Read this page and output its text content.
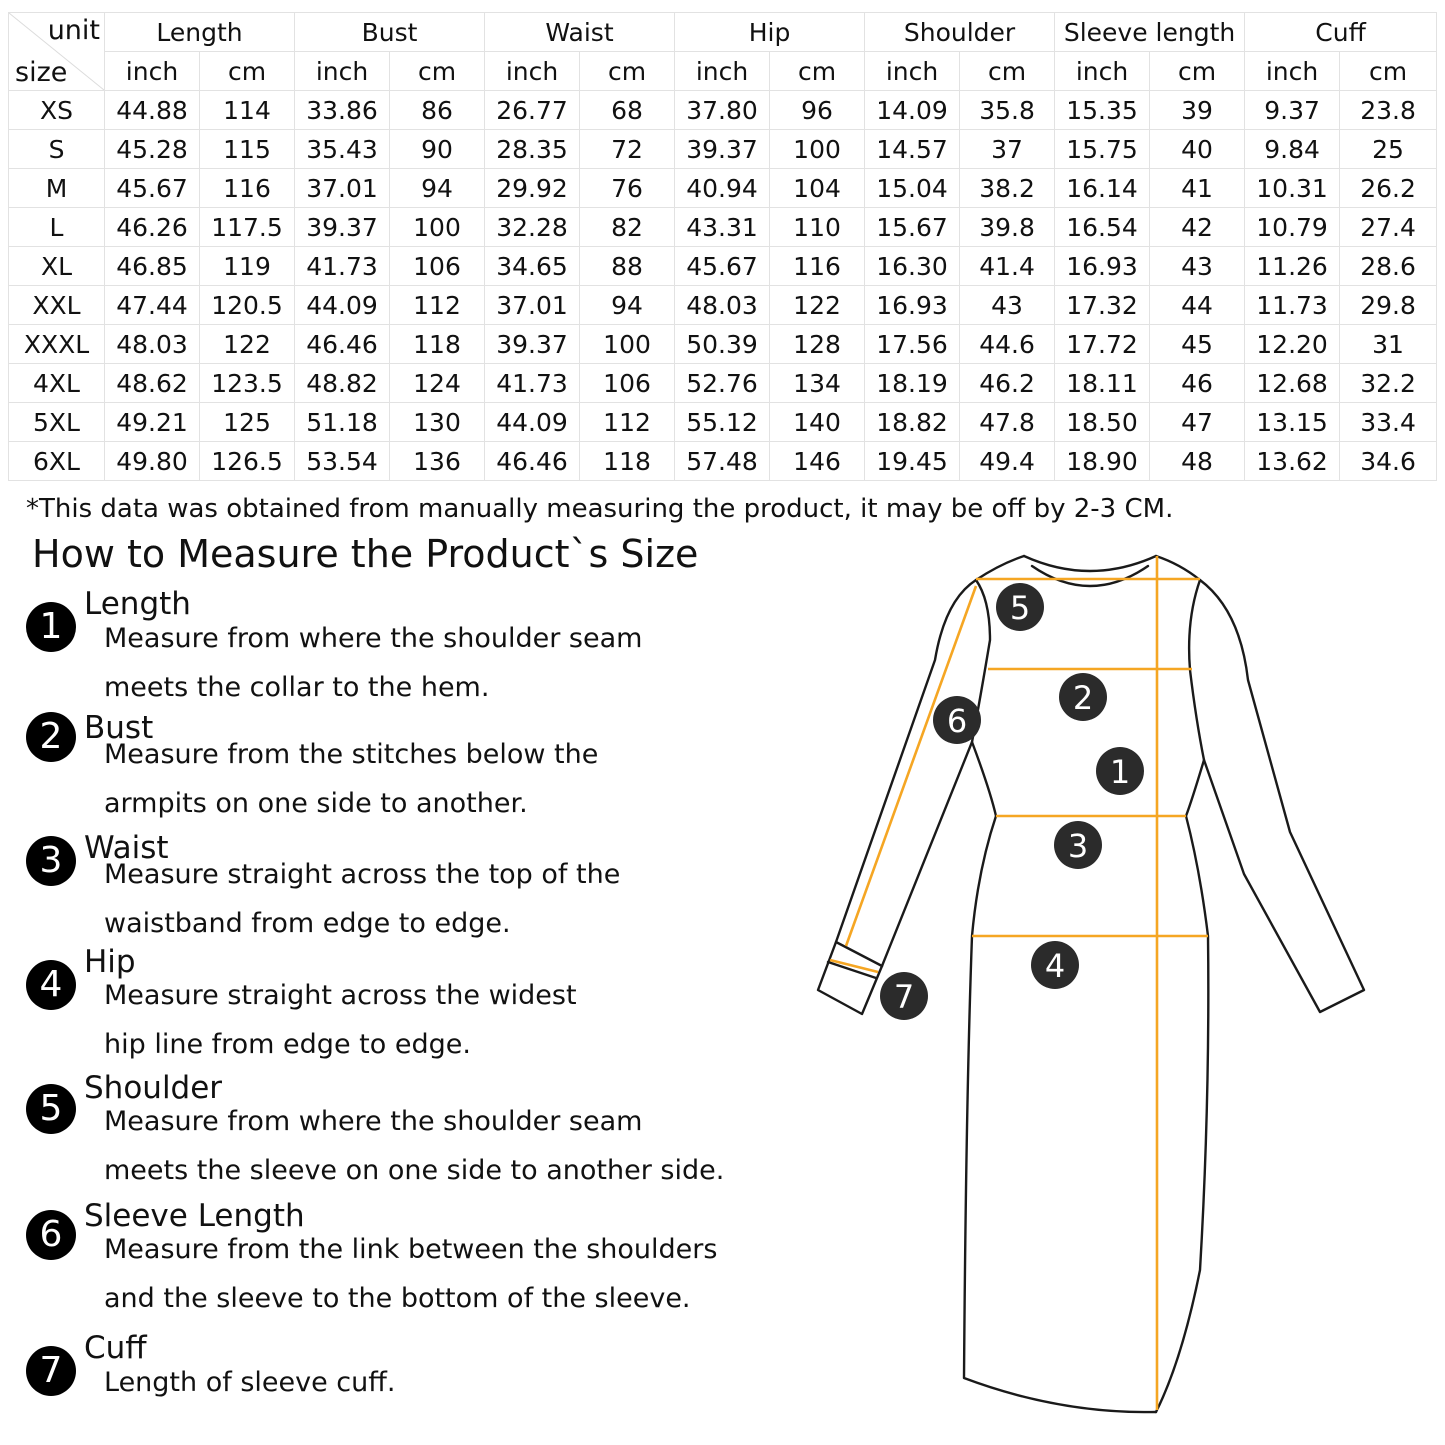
unit
size	Length		Bust		Waist		Hip		Shoulder		Sleeve length		Cuff	
	inch	cm	inch	cm	inch	cm	inch	cm	inch	cm	inch	cm	inch	cm
XS	44.88	114	33.86	86	26.77	68	37.80	96	14.09	35.8	15.35	39	9.37	23.8
S	45.28	115	35.43	90	28.35	72	39.37	100	14.57	37	15.75	40	9.84	25
M	45.67	116	37.01	94	29.92	76	40.94	104	15.04	38.2	16.14	41	10.31	26.2
L	46.26	117.5	39.37	100	32.28	82	43.31	110	15.67	39.8	16.54	42	10.79	27.4
XL	46.85	119	41.73	106	34.65	88	45.67	116	16.30	41.4	16.93	43	11.26	28.6
XXL	47.44	120.5	44.09	112	37.01	94	48.03	122	16.93	43	17.32	44	11.73	29.8
XXXL	48.03	122	46.46	118	39.37	100	50.39	128	17.56	44.6	17.72	45	12.20	31
4XL	48.62	123.5	48.82	124	41.73	106	52.76	134	18.19	46.2	18.11	46	12.68	32.2
5XL	49.21	125	51.18	130	44.09	112	55.12	140	18.82	47.8	18.50	47	13.15	33.4
6XL	49.80	126.5	53.54	136	46.46	118	57.48	146	19.45	49.4	18.90	48	13.62	34.6
*This data was obtained from manually measuring the product, it may be off by 2-3 CM.
How to Measure the Product`s Size
1
Length
Measure from where the shoulder seam
meets the collar to the hem.
2 Bust
Measure from the stitches below the
armpits on one side to another.
3 Waist
Measure straight across the top of the
waistband from edge to edge.
4
Hip
Measure straight across the widest
hip line from edge to edge.
5 Shoulder
Measure from where the shoulder seam
meets the sleeve on one side to another side.
6 Sleeve Length
Measure from the link between the shoulders
and the sleeve to the bottom of the sleeve.
7
Cuff
Length of sleeve cuff.
5
2
6
1
3
4
7
